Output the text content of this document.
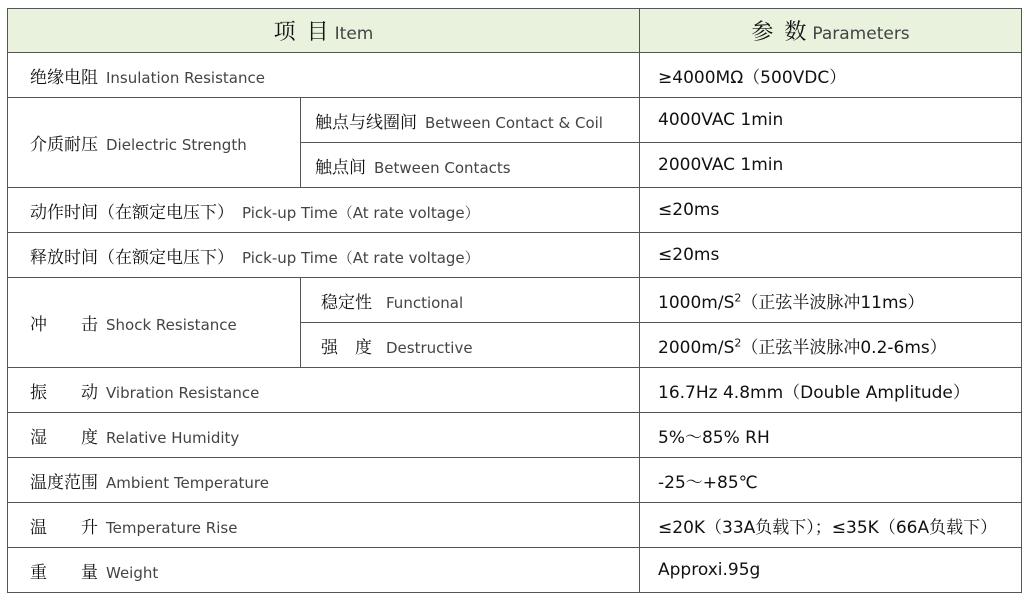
项 目 Item		参 数 Parameters
绝缘电阻 Insulation Resistance		≥4000MΩ（500VDC）
介质耐压 Dielectric Strength	触点与线圈间 Between Contact & Coil	4000VAC 1min
	触点间 Between Contacts	2000VAC 1min
动作时间（在额定电压下） Pick-up Time（At rate voltage）		≤20ms
释放时间（在额定电压下） Pick-up Time（At rate voltage）		≤20ms
冲　　击 Shock Resistance	稳定性 Functional	$1000m/S^2$（正弦半波脉冲11ms）
	强　度 Destructive	$2000m/S^2$（正弦半波脉冲0.2-6ms）
振　　动 Vibration Resistance		16.7Hz 4.8mm（Double Amplitude）
湿　　度 Relative Humidity		5%～85% RH
温度范围 Ambient Temperature		-25～+85℃
温　　升 Temperature Rise		≤20K（33A负载下）；≤35K（66A负载下）
重　　量 Weight		Approxi.95g
